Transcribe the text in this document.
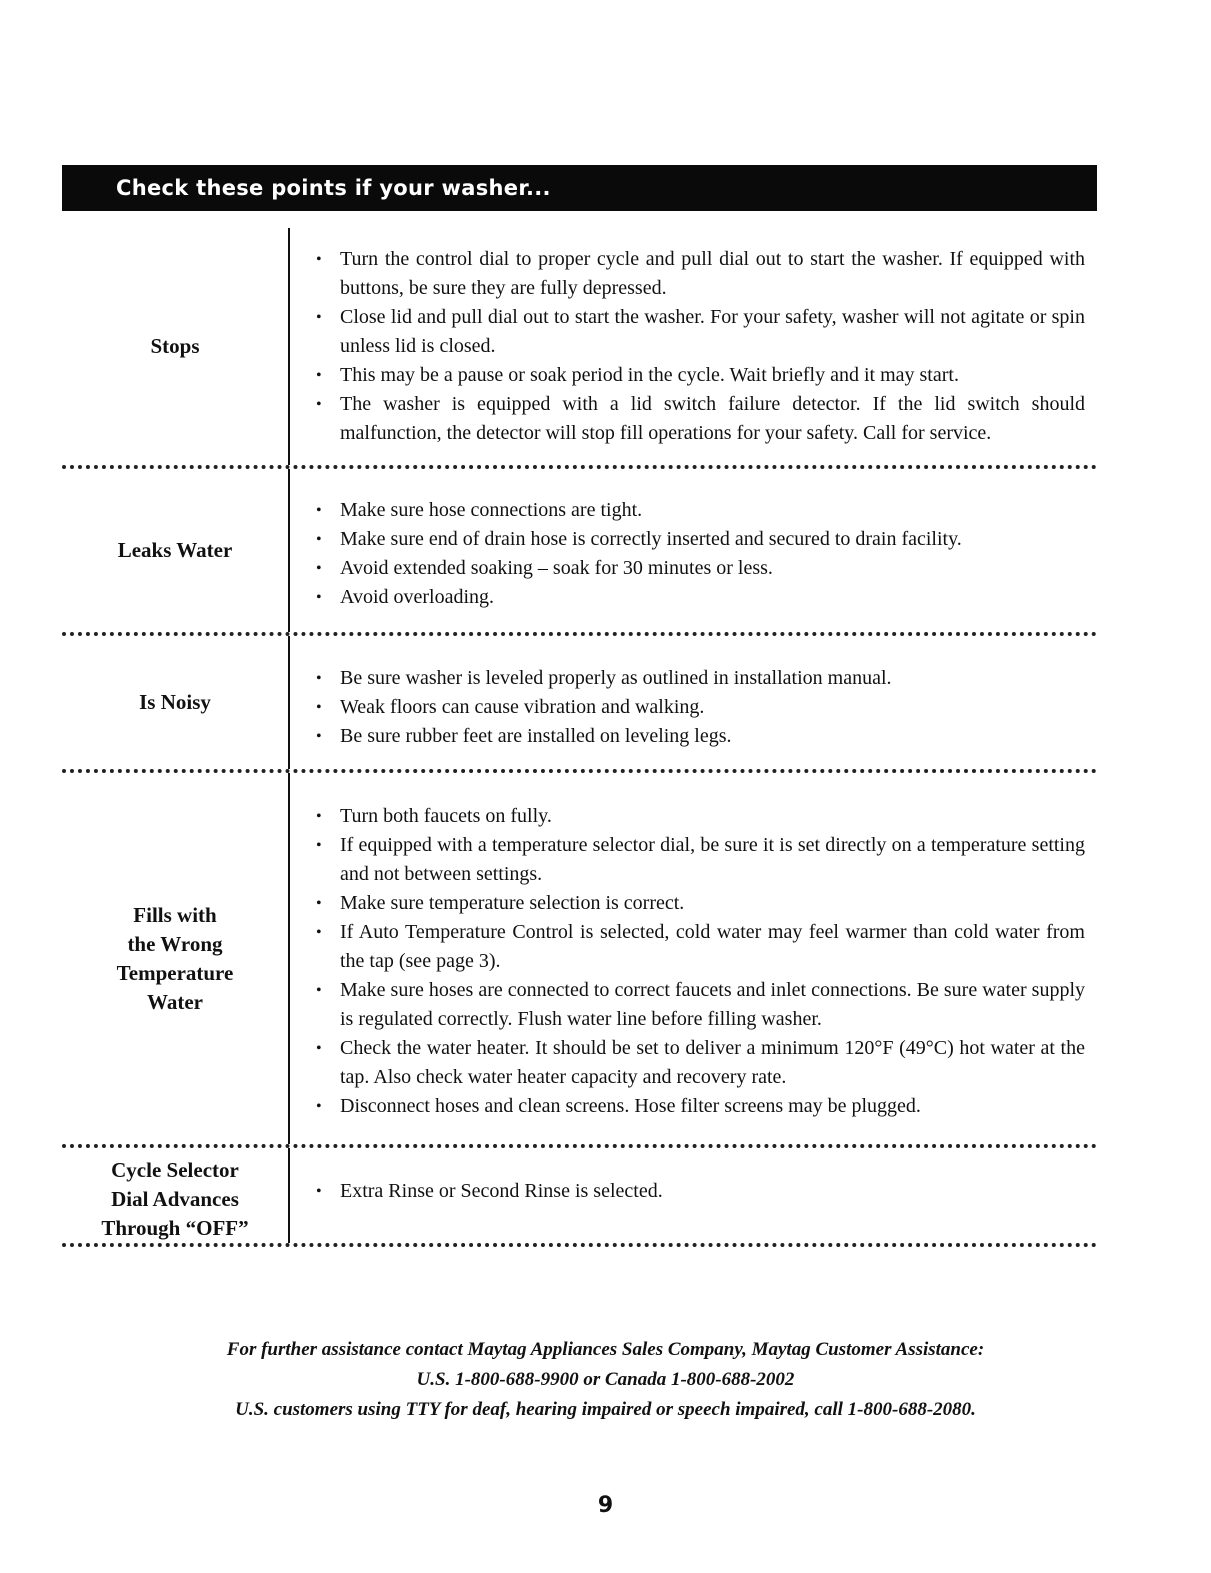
Check these points if your washer...
Stops
• Turn the control dial to proper cycle and pull dial out to start the washer. If equipped with buttons, be sure they are fully depressed.
• Close lid and pull dial out to start the washer. For your safety, washer will not agitate or spin unless lid is closed.
• This may be a pause or soak period in the cycle. Wait briefly and it may start.
• The washer is equipped with a lid switch failure detector. If the lid switch should malfunction, the detector will stop fill operations for your safety. Call for service.
Leaks Water
• Make sure hose connections are tight.
• Make sure end of drain hose is correctly inserted and secured to drain facility.
• Avoid extended soaking – soak for 30 minutes or less.
• Avoid overloading.
Is Noisy
• Be sure washer is leveled properly as outlined in installation manual.
• Weak floors can cause vibration and walking.
• Be sure rubber feet are installed on leveling legs.
Fills with
the Wrong
Temperature
Water
• Turn both faucets on fully.
• If equipped with a temperature selector dial, be sure it is set directly on a temperature setting and not between settings.
• Make sure temperature selection is correct.
• If Auto Temperature Control is selected, cold water may feel warmer than cold water from the tap (see page 3).
• Make sure hoses are connected to correct faucets and inlet connections. Be sure water supply is regulated correctly. Flush water line before filling washer.
• Check the water heater. It should be set to deliver a minimum 120°F (49°C) hot water at the tap. Also check water heater capacity and recovery rate.
• Disconnect hoses and clean screens. Hose filter screens may be plugged.
Cycle Selector
Dial Advances
Through “OFF”
• Extra Rinse or Second Rinse is selected.
For further assistance contact Maytag Appliances Sales Company, Maytag Customer Assistance:
U.S. 1-800-688-9900 or Canada 1-800-688-2002
U.S. customers using TTY for deaf, hearing impaired or speech impaired, call 1-800-688-2080.
9
